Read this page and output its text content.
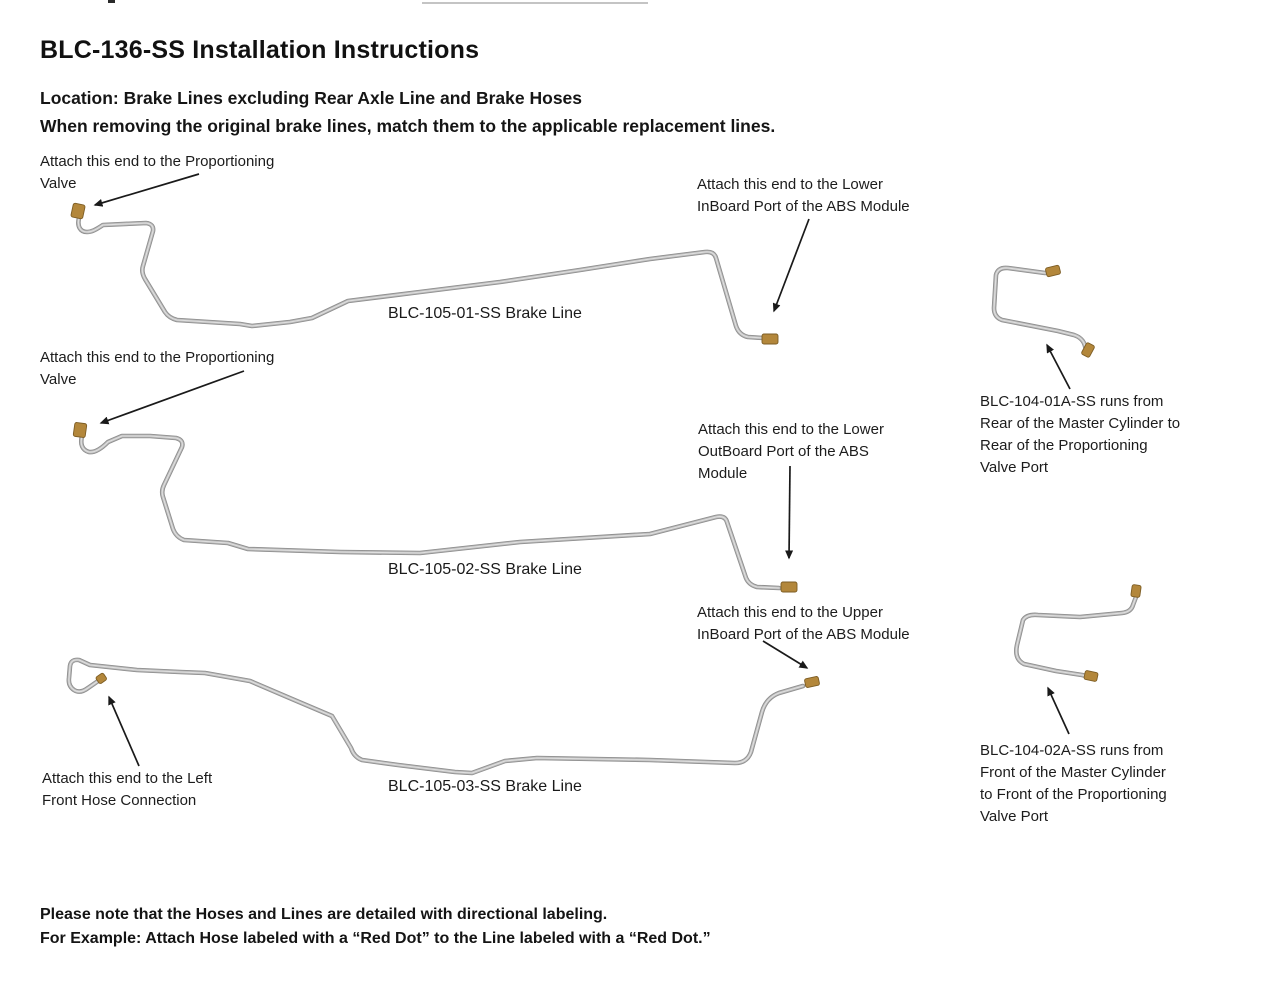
BLC-136-SS Installation Instructions
Location: Brake Lines excluding Rear Axle Line and Brake Hoses
When removing the original brake lines, match them to the applicable replacement lines.
Attach this end to the Proportioning
Valve	Attach this end to the Lower
InBoard Port of the ABS Module
Attach this end to the Proportioning
Valve
Attach this end to the Lower
OutBoard Port of the ABS
Module
Attach this end to the Upper
InBoard Port of the ABS Module
Attach this end to the Left
Front Hose Connection
BLC-105-01-SS Brake Line
BLC-105-02-SS Brake Line
BLC-105-03-SS Brake Line
BLC-104-01A-SS runs from
Rear of the Master Cylinder to
Rear of the Proportioning
Valve Port
BLC-104-02A-SS runs from
Front of the Master Cylinder
to Front of the Proportioning
Valve Port
Please note that the Hoses and Lines are detailed with directional labeling.
For Example: Attach Hose labeled with a “Red Dot” to the Line labeled with a “Red Dot.”
